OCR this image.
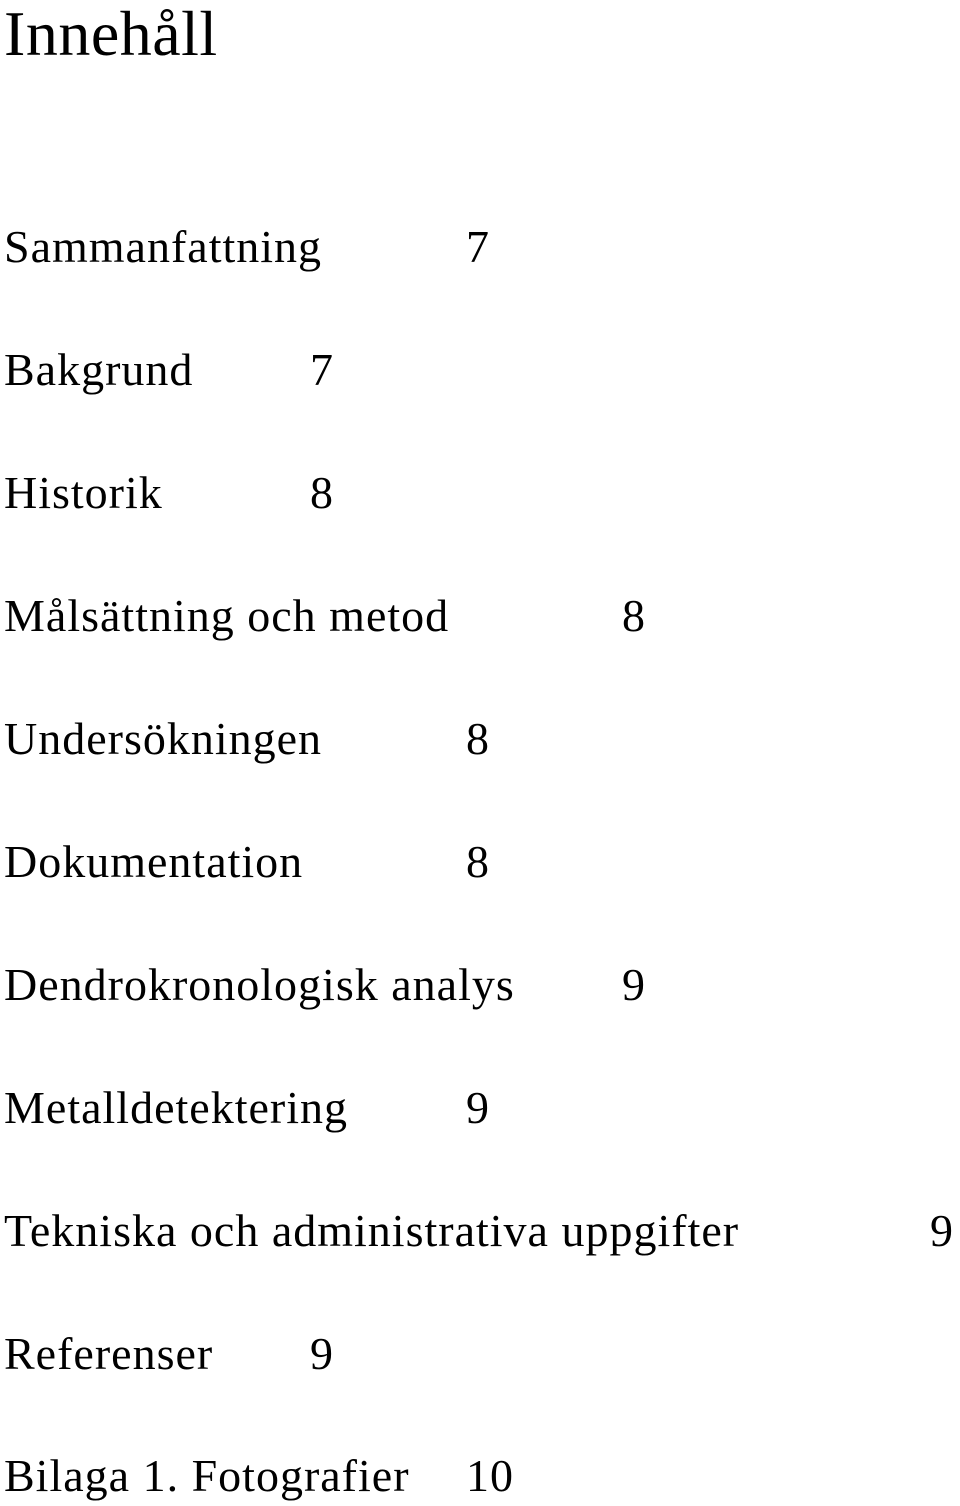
Innehåll
Sammanfattning	7
Bakgrund	7
Historik	8
Målsättning och metod	8
Undersökningen	8
Dokumentation	8
Dendrokronologisk analys 9
Metalldetektering	9
Tekniska och administrativa uppgifter	9
Referenser 9
Bilaga 1. Fotografier 10
